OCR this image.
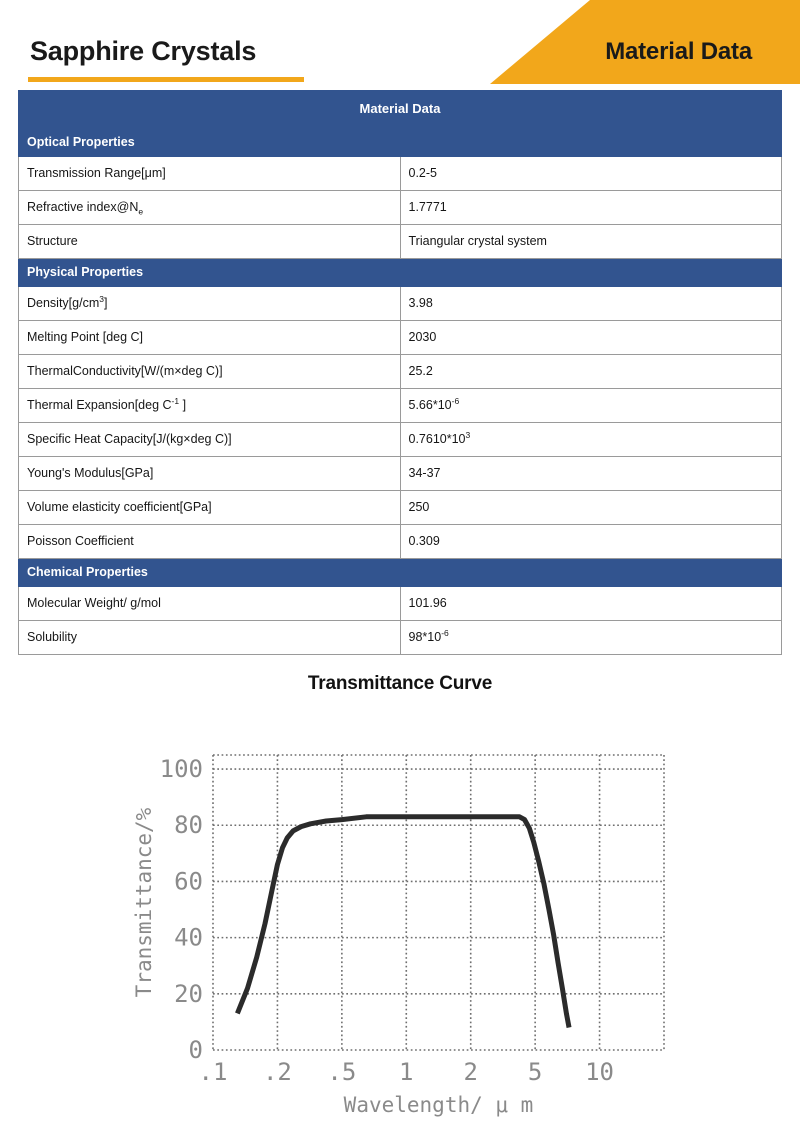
Sapphire Crystals	Material Data
Material Data	
Optical Properties	
Transmission Range[μm]	0.2-5
Refractive $index@N_e$	1.7771
Structure	Triangular crystal system
Physical Properties	
$Density[g/cm^3]$	3.98
Melting Point [deg C]	2030
ThermalConductivity[W/(m×deg C)]	25.2
Thermal Expansion[deg $C^{-1}$ ]	$5.66*10^{-6}$
Specific Heat Capacity[J/(kg×deg C)]	$0.7610*10^3$
Young's Modulus[GPa]	34-37
Volume elasticity coefficient[GPa]	250
Poisson Coefficient	0.309
Chemical Properties	
Molecular Weight/ g/mol	101.96
Solubility	$98*10^{-6}$
Transmittance Curve
0
20
40
60
80
100
.1 .2 .5 1 2 5 10
Wavelength/ μ m
Transmittance/%
